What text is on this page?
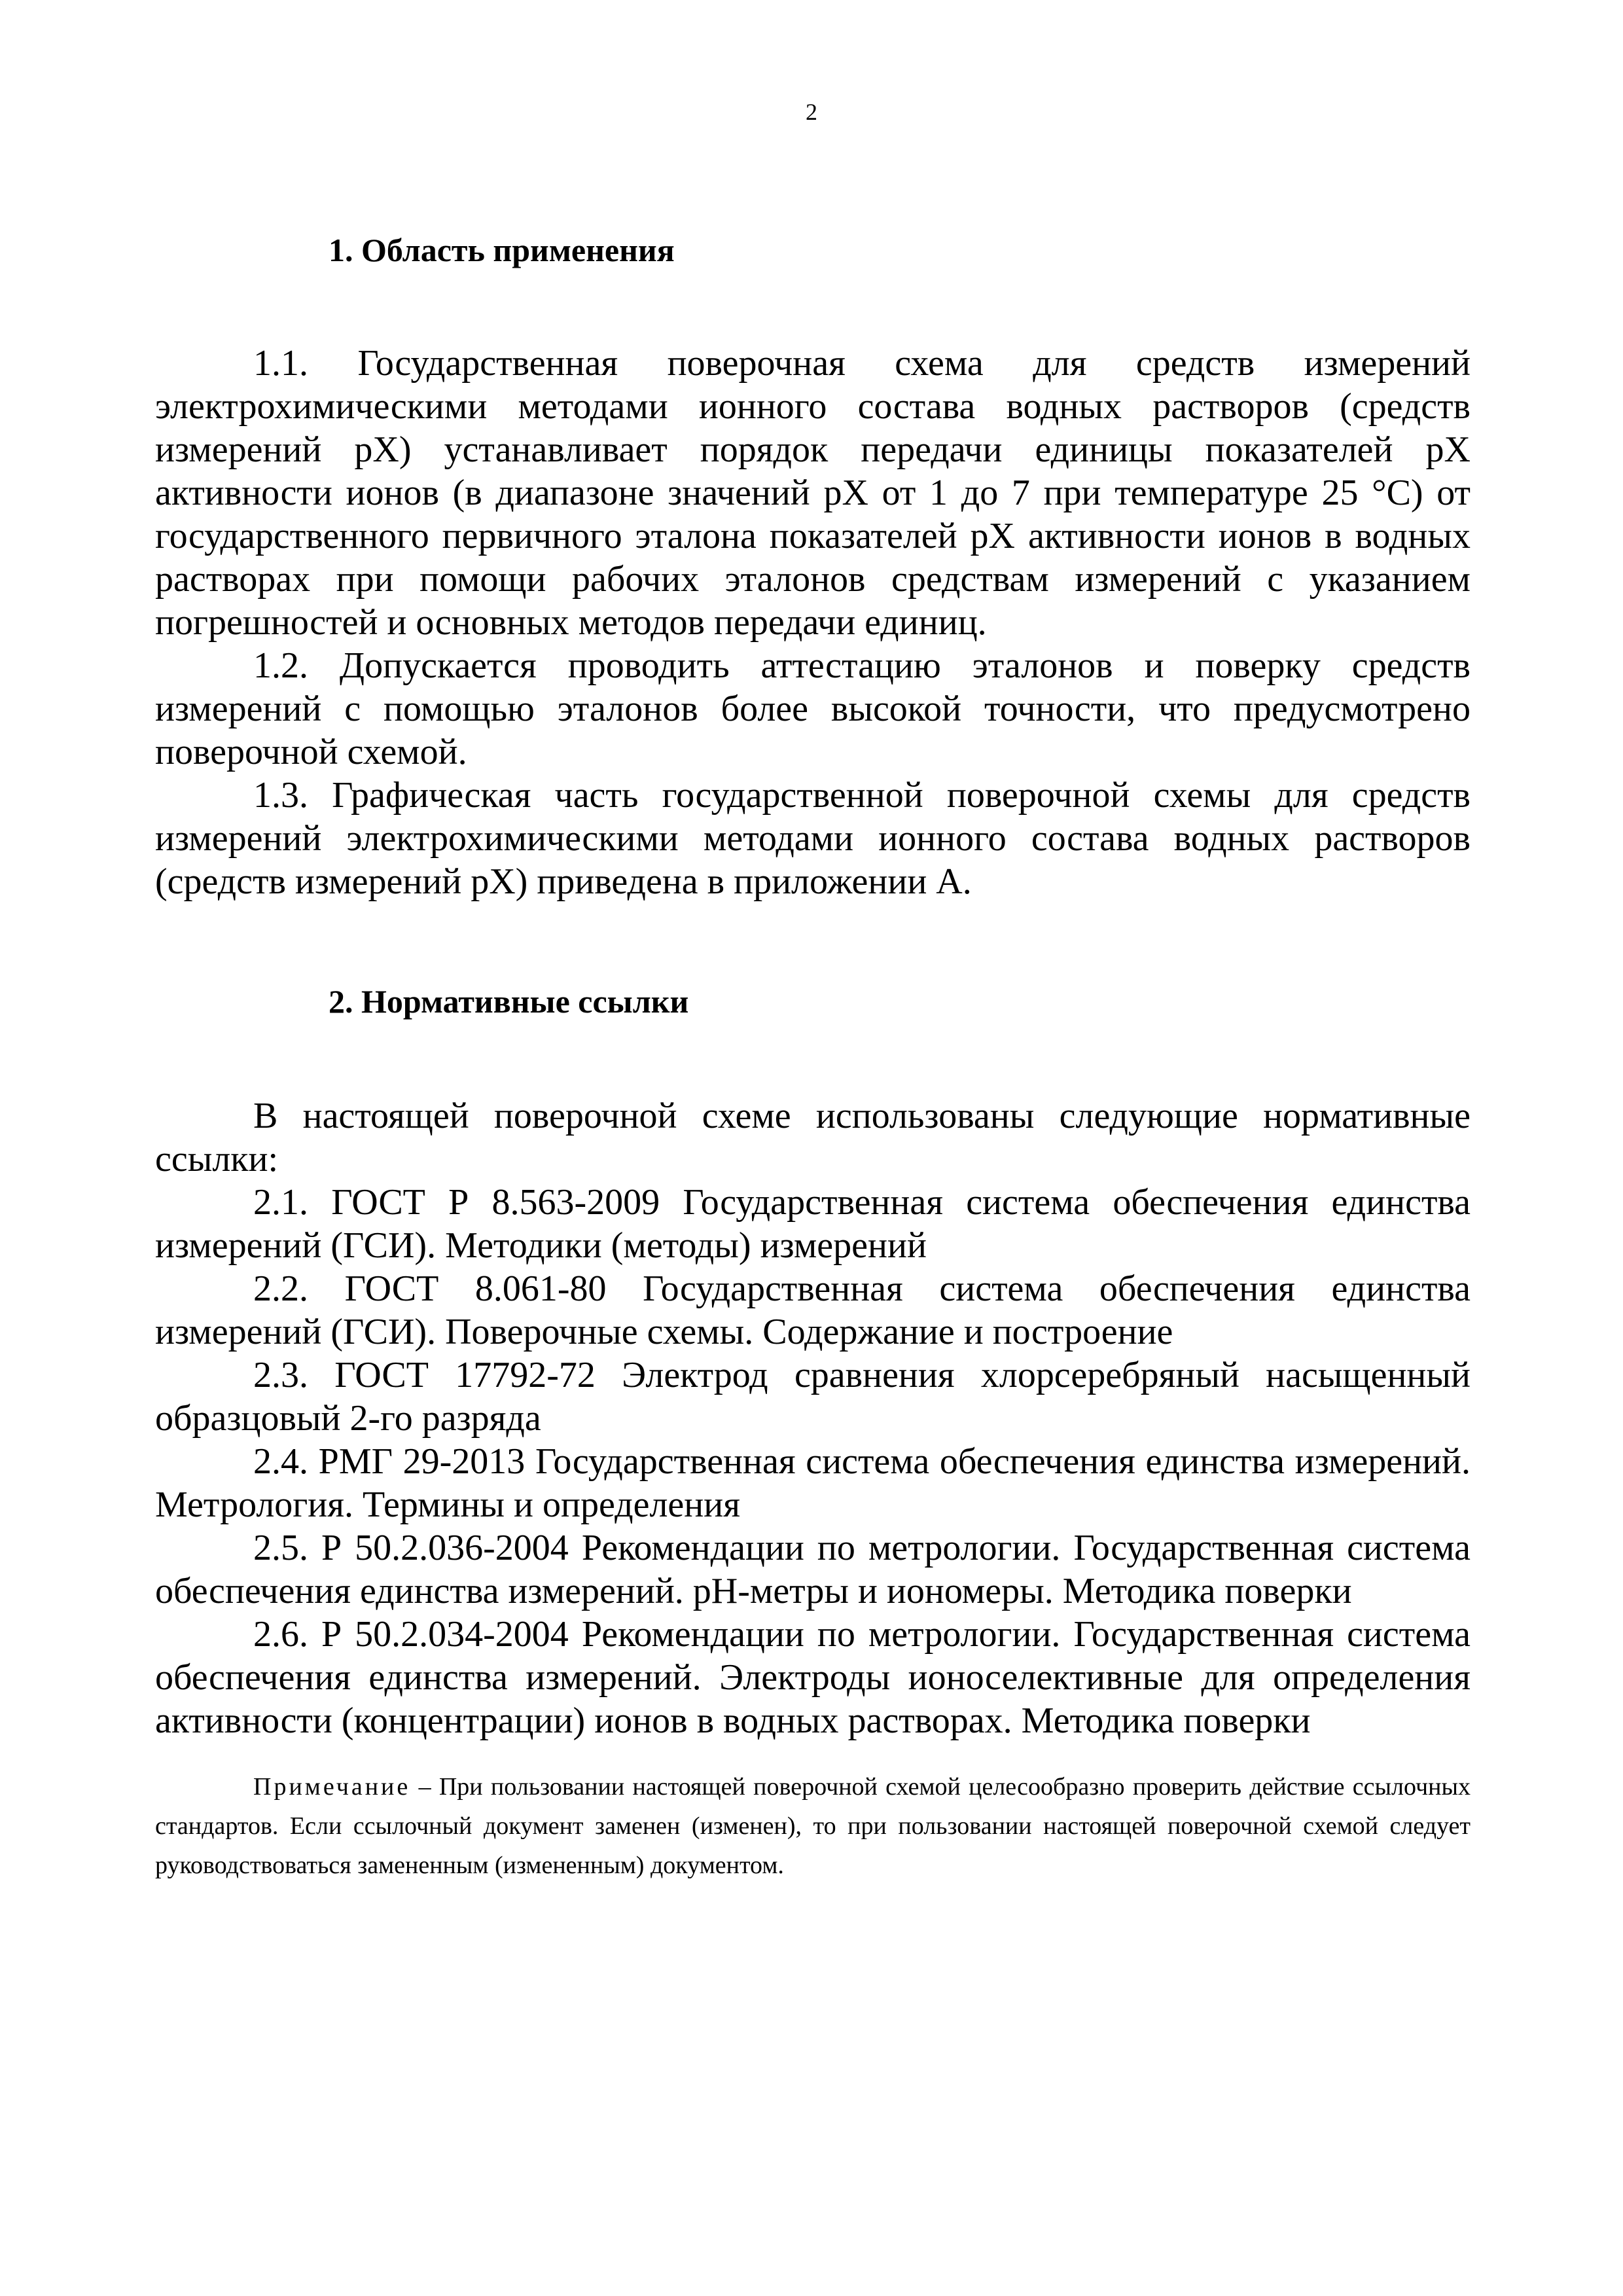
2
1. Область применения

1.1. Государственная поверочная схема для средств измерений электрохимическими методами ионного состава водных растворов (средств измерений pX) устанавливает порядок передачи единицы показателей pX активности ионов (в диапазоне значений pX от 1 до 7 при температуре 25 °C) от государственного первичного эталона показателей pX активности ионов в водных растворах при помощи рабочих эталонов средствам измерений с указанием погрешностей и основных методов передачи единиц.

1.2. Допускается проводить аттестацию эталонов и поверку средств измерений с помощью эталонов более высокой точности, что предусмотрено поверочной схемой.

1.3. Графическая часть государственной поверочной схемы для средств измерений электрохимическими методами ионного состава водных растворов (средств измерений pX) приведена в приложении А.

2. Нормативные ссылки

В настоящей поверочной схеме использованы следующие нормативные ссылки:

2.1. ГОСТ Р 8.563-2009 Государственная система обеспечения единства измерений (ГСИ). Методики (методы) измерений

2.2. ГОСТ 8.061-80 Государственная система обеспечения единства измерений (ГСИ). Поверочные схемы. Содержание и построение

2.3. ГОСТ 17792-72 Электрод сравнения хлорсеребряный насыщенный образцовый 2-го разряда

2.4. РМГ 29-2013 Государственная система обеспечения единства измерений. Метрология. Термины и определения

2.5. Р 50.2.036-2004 Рекомендации по метрологии. Государственная система обеспечения единства измерений. pH-метры и иономеры. Методика поверки

2.6. Р 50.2.034-2004 Рекомендации по метрологии. Государственная система обеспечения единства измерений. Электроды ионоселективные для определения активности (концентрации) ионов в водных растворах. Методика поверки

Примечание – При пользовании настоящей поверочной схемой целесообразно проверить действие ссылочных стандартов. Если ссылочный документ заменен (изменен), то при пользовании настоящей поверочной схемой следует руководствоваться замененным (измененным) документом.
